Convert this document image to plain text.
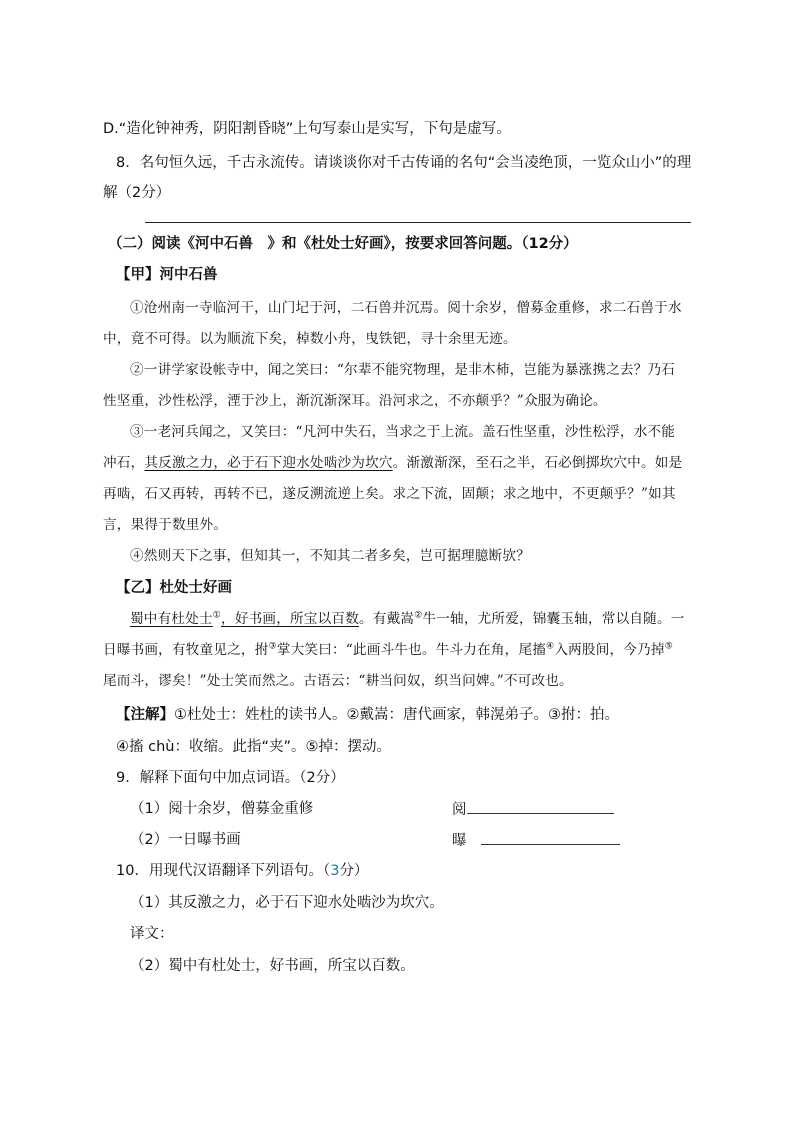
D.“造化钟神秀，阴阳割昏晓”上句写泰山是实写，下句是虚写。
8．名句恒久远，千古永流传。请谈谈你对千古传诵的名句“会当凌绝顶，一览众山小”的理
解（2分）
（二）阅读《河中石兽　》和《杜处士好画》，按要求回答问题。（12分）
【甲】河中石兽
①沧州南一寺临河干，山门圮于河，二石兽并沉焉。阅十余岁，僧募金重修，求二石兽于水
中，竟不可得。以为顺流下矣，棹数小舟，曳铁钯，寻十余里无迹。
②一讲学家设帐寺中，闻之笑曰：“尔辈不能究物理，是非木杮，岂能为暴涨携之去？乃石
性坚重，沙性松浮，湮于沙上，渐沉渐深耳。沿河求之，不亦颠乎？”众服为确论。
③一老河兵闻之，又笑曰：“凡河中失石，当求之于上流。盖石性坚重，沙性松浮，水不能
冲石，其反激之力，必于石下迎水处啮沙为坎穴。渐激渐深，至石之半，石必倒掷坎穴中。如是
再啮，石又再转，再转不已，遂反溯流逆上矣。求之下流，固颠；求之地中，不更颠乎？”如其
言，果得于数里外。
④然则天下之事，但知其一，不知其二者多矣，岂可据理臆断欤？
【乙】杜处士好画
蜀中有杜处士①，好书画，所宝以百数。有戴嵩②牛一轴，尤所爱，锦囊玉轴，常以自随。一
日曝书画，有牧童见之，拊③掌大笑曰：“此画斗牛也。牛斗力在角，尾搐④入两股间，今乃掉⑤
尾而斗，谬矣！”处士笑而然之。古语云：“耕当问奴，织当问婢。”不可改也。
【注解】①杜处士：姓杜的读书人。②戴嵩：唐代画家，韩滉弟子。③拊：拍。
④搐 chù：收缩。此指“夹”。⑤掉：摆动。
9．解释下面句中加点词语。（2分）
（1）阅十余岁，僧募金重修	阅
（2）一日曝书画	曝
10．用现代汉语翻译下列语句。（3分）
（1）其反激之力，必于石下迎水处啮沙为坎穴。
译文：
（2）蜀中有杜处士，好书画，所宝以百数。
